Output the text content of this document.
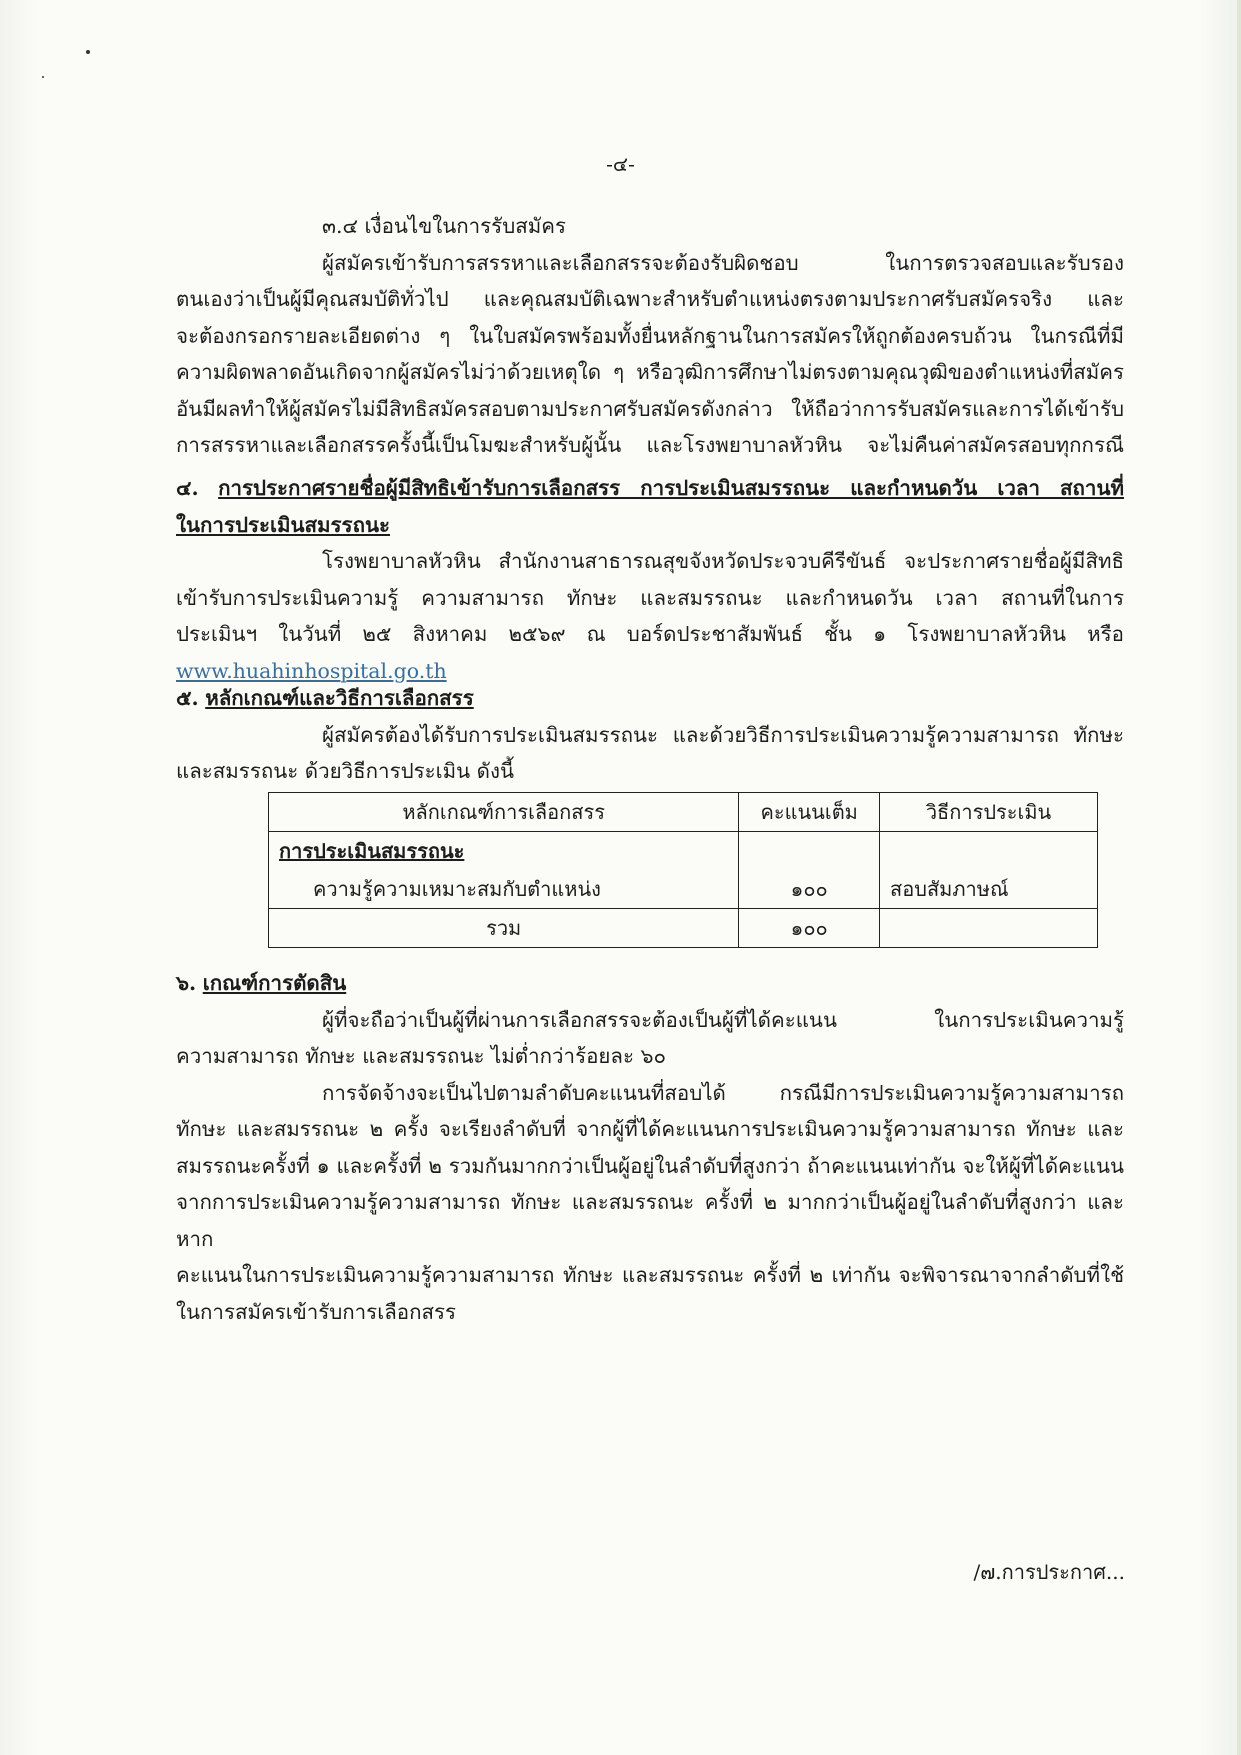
-๔-
๓.๔ เงื่อนไขในการรับสมัคร
ผู้สมัครเข้ารับการสรรหาและเลือกสรรจะต้องรับผิดชอบ ในการตรวจสอบและรับรอง
ตนเองว่าเป็นผู้มีคุณสมบัติทั่วไป และคุณสมบัติเฉพาะสำหรับตำแหน่งตรงตามประกาศรับสมัครจริง และ
จะต้องกรอกรายละเอียดต่าง ๆ ในใบสมัครพร้อมทั้งยื่นหลักฐานในการสมัครให้ถูกต้องครบถ้วน ในกรณีที่มี
ความผิดพลาดอันเกิดจากผู้สมัครไม่ว่าด้วยเหตุใด ๆ หรือวุฒิการศึกษาไม่ตรงตามคุณวุฒิของตำแหน่งที่สมัคร
อันมีผลทำให้ผู้สมัครไม่มีสิทธิสมัครสอบตามประกาศรับสมัครดังกล่าว ให้ถือว่าการรับสมัครและการได้เข้ารับ
การสรรหาและเลือกสรรครั้งนี้เป็นโมฆะสำหรับผู้นั้น และโรงพยาบาลหัวหิน จะไม่คืนค่าสมัครสอบทุกกรณี
๔. การประกาศรายชื่อผู้มีสิทธิเข้ารับการเลือกสรร การประเมินสมรรถนะ และกำหนดวัน เวลา สถานที่
ในการประเมินสมรรถนะ
โรงพยาบาลหัวหิน สำนักงานสาธารณสุขจังหวัดประจวบคีรีขันธ์ จะประกาศรายชื่อผู้มีสิทธิ
เข้ารับการประเมินความรู้ ความสามารถ ทักษะ และสมรรถนะ และกำหนดวัน เวลา สถานที่ในการ
ประเมินฯ ในวันที่ ๒๕ สิงหาคม ๒๕๖๙ ณ บอร์ดประชาสัมพันธ์ ชั้น ๑ โรงพยาบาลหัวหิน หรือ
www.huahinhospital.go.th
๕. หลักเกณฑ์และวิธีการเลือกสรร
ผู้สมัครต้องได้รับการประเมินสมรรถนะ และด้วยวิธีการประเมินความรู้ความสามารถ ทักษะ
และสมรรถนะ ด้วยวิธีการประเมิน ดังนี้
หลักเกณฑ์การเลือกสรร	คะแนนเต็ม	วิธีการประเมิน
การประเมินสมรรถนะ		
ความรู้ความเหมาะสมกับตำแหน่ง	๑๐๐	สอบสัมภาษณ์
รวม	๑๐๐	
๖. เกณฑ์การตัดสิน
ผู้ที่จะถือว่าเป็นผู้ที่ผ่านการเลือกสรรจะต้องเป็นผู้ที่ได้คะแนน ในการประเมินความรู้
ความสามารถ ทักษะ และสมรรถนะ ไม่ต่ำกว่าร้อยละ ๖๐
การจัดจ้างจะเป็นไปตามลำดับคะแนนที่สอบได้ กรณีมีการประเมินความรู้ความสามารถ
ทักษะ และสมรรถนะ ๒ ครั้ง จะเรียงลำดับที่ จากผู้ที่ได้คะแนนการประเมินความรู้ความสามารถ ทักษะ และ
สมรรถนะครั้งที่ ๑ และครั้งที่ ๒ รวมกันมากกว่าเป็นผู้อยู่ในลำดับที่สูงกว่า ถ้าคะแนนเท่ากัน จะให้ผู้ที่ได้คะแนน
จากการประเมินความรู้ความสามารถ ทักษะ และสมรรถนะ ครั้งที่ ๒ มากกว่าเป็นผู้อยู่ในลำดับที่สูงกว่า และหาก
คะแนนในการประเมินความรู้ความสามารถ ทักษะ และสมรรถนะ ครั้งที่ ๒ เท่ากัน จะพิจารณาจากลำดับที่ใช้
ในการสมัครเข้ารับการเลือกสรร
/๗.การประกาศ...
